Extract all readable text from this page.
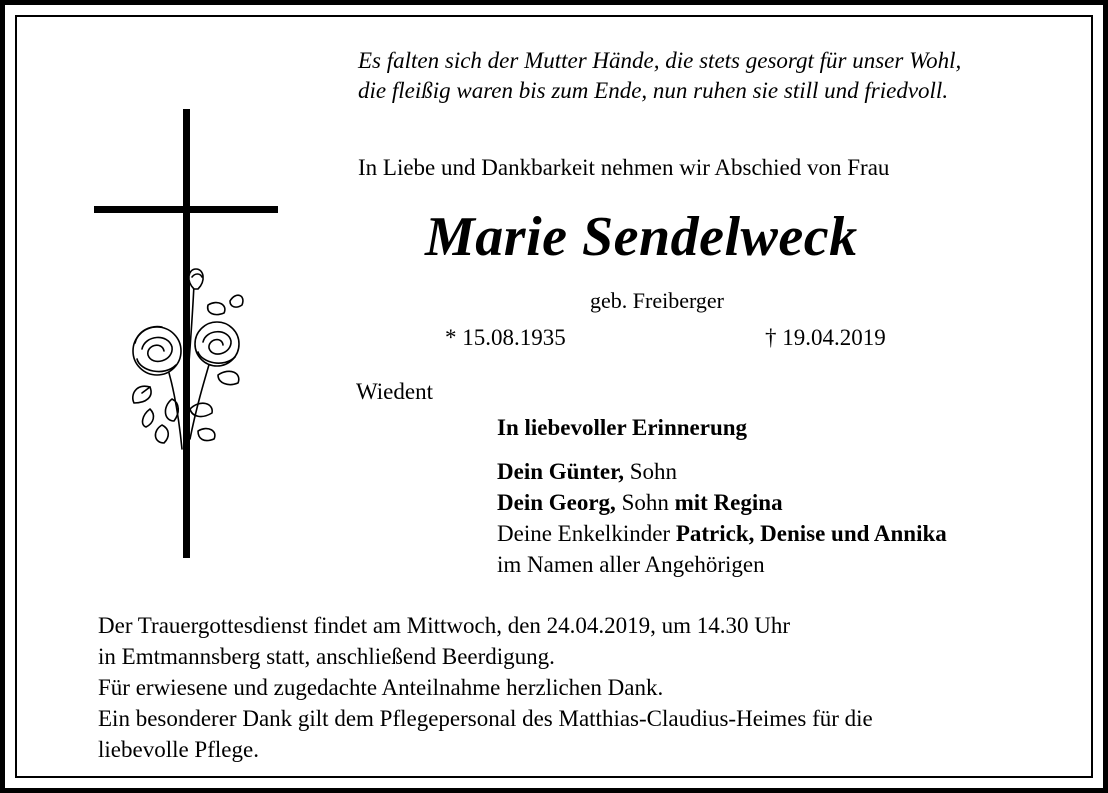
Es falten sich der Mutter Hände, die stets gesorgt für unser Wohl,
die fleißig waren bis zum Ende, nun ruhen sie still und friedvoll.
In Liebe und Dankbarkeit nehmen wir Abschied von Frau
Marie Sendelweck
geb. Freiberger
* 15.08.1935	† 19.04.2019
Wiedent
In liebevoller Erinnerung
Dein Günter, Sohn
Dein Georg, Sohn mit Regina
Deine Enkelkinder Patrick, Denise und Annika
im Namen aller Angehörigen
Der Trauergottesdienst findet am Mittwoch, den 24.04.2019, um 14.30 Uhr
in Emtmannsberg statt, anschließend Beerdigung.
Für erwiesene und zugedachte Anteilnahme herzlichen Dank.
Ein besonderer Dank gilt dem Pflegepersonal des Matthias-Claudius-Heimes für die
liebevolle Pflege.
